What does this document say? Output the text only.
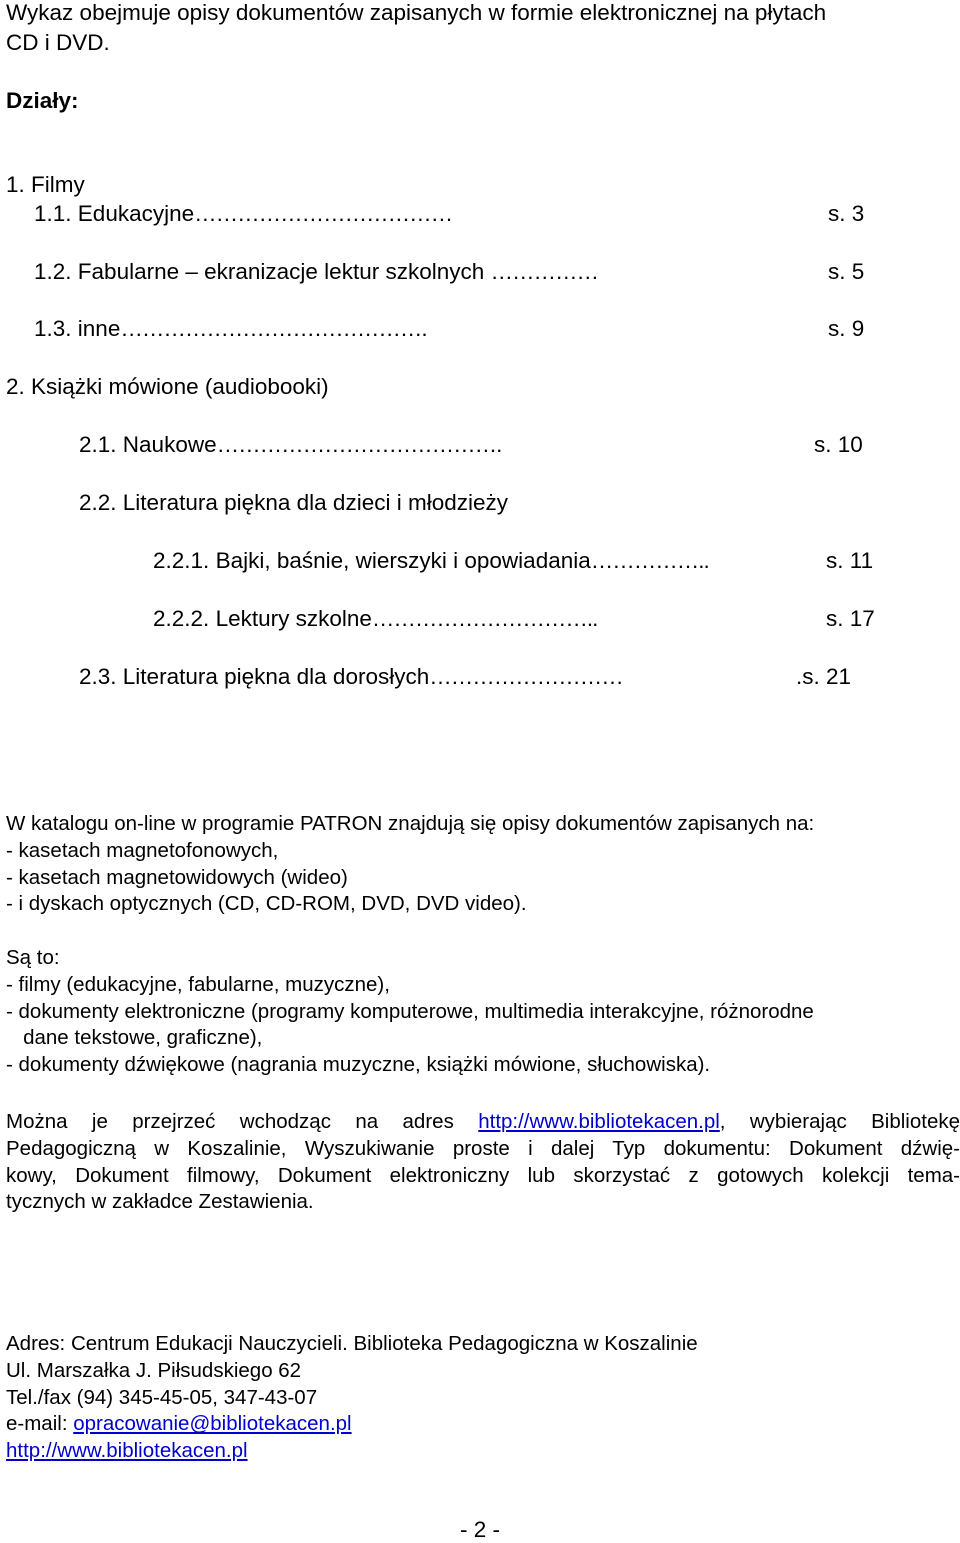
Wykaz obejmuje opisy dokumentów zapisanych w formie elektronicznej na płytach
CD i DVD.
Działy:
1. Filmy
1.1. Edukacyjne………………………………	s. 3
1.2. Fabularne – ekranizacje lektur szkolnych ……………	s. 5
1.3. inne…………………………………….	s. 9
2. Książki mówione (audiobooki)
2.1. Naukowe………………………………….	s. 10
2.2. Literatura piękna dla dzieci i młodzieży
2.2.1. Bajki, baśnie, wierszyki i opowiadania……………..	s. 11
2.2.2. Lektury szkolne…………………………..	s. 17
2.3. Literatura piękna dla dorosłych………………………	.s. 21
W katalogu on-line w programie PATRON znajdują się opisy dokumentów zapisanych na:
- kasetach magnetofonowych,
- kasetach magnetowidowych (wideo)
- i dyskach optycznych (CD, CD-ROM, DVD, DVD video).
Są to:
- filmy (edukacyjne, fabularne, muzyczne),
- dokumenty elektroniczne (programy komputerowe, multimedia interakcyjne, różnorodne
dane tekstowe, graficzne),
- dokumenty dźwiękowe (nagrania muzyczne, książki mówione, słuchowiska).
Można je przejrzeć wchodząc na adres http://www.bibliotekacen.pl, wybierając Bibliotekę
Pedagogiczną w Koszalinie, Wyszukiwanie proste i dalej Typ dokumentu: Dokument dźwię-
kowy, Dokument filmowy, Dokument elektroniczny lub skorzystać z gotowych kolekcji tema-
tycznych w zakładce Zestawienia.
Adres: Centrum Edukacji Nauczycieli. Biblioteka Pedagogiczna w Koszalinie
Ul. Marszałka J. Piłsudskiego 62
Tel./fax (94) 345-45-05, 347-43-07
e-mail: opracowanie@bibliotekacen.pl
http://www.bibliotekacen.pl
- 2 -
